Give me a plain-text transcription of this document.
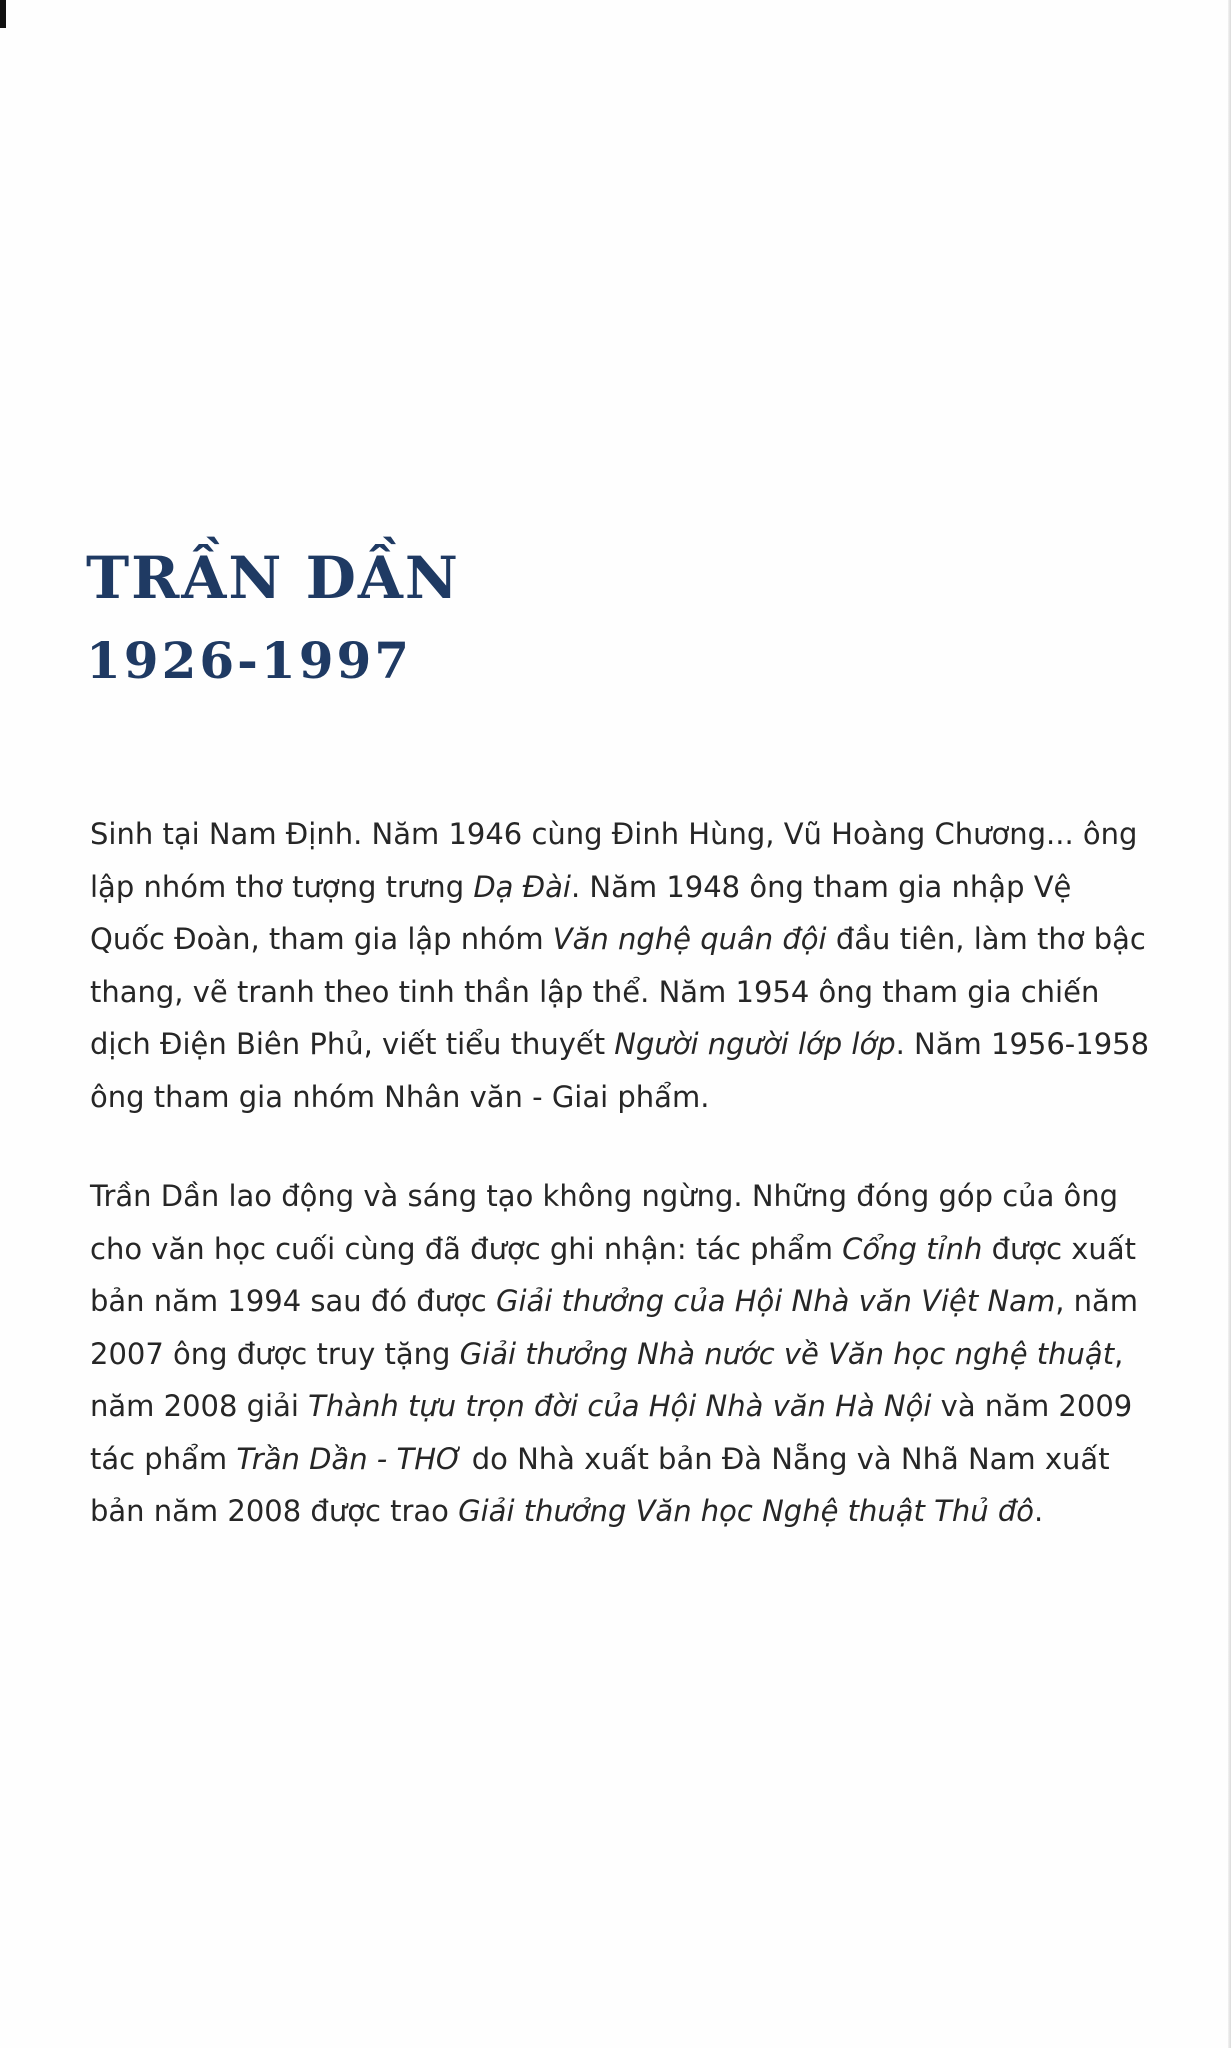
TRẦN DẦN
1926-1997

Sinh tại Nam Định. Năm 1946 cùng Đinh Hùng, Vũ Hoàng Chương... ông lập nhóm thơ tượng trưng Dạ Đài. Năm 1948 ông tham gia nhập Vệ Quốc Đoàn, tham gia lập nhóm Văn nghệ quân đội đầu tiên, làm thơ bậc thang, vẽ tranh theo tinh thần lập thể. Năm 1954 ông tham gia chiến dịch Điện Biên Phủ, viết tiểu thuyết Người người lớp lớp. Năm 1956-1958 ông tham gia nhóm Nhân văn - Giai phẩm.

Trần Dần lao động và sáng tạo không ngừng. Những đóng góp của ông cho văn học cuối cùng đã được ghi nhận: tác phẩm Cổng tỉnh được xuất bản năm 1994 sau đó được Giải thưởng của Hội Nhà văn Việt Nam, năm 2007 ông được truy tặng Giải thưởng Nhà nước về Văn học nghệ thuật, năm 2008 giải Thành tựu trọn đời của Hội Nhà văn Hà Nội và năm 2009 tác phẩm Trần Dần - THƠ do Nhà xuất bản Đà Nẵng và Nhã Nam xuất bản năm 2008 được trao Giải thưởng Văn học Nghệ thuật Thủ đô.
